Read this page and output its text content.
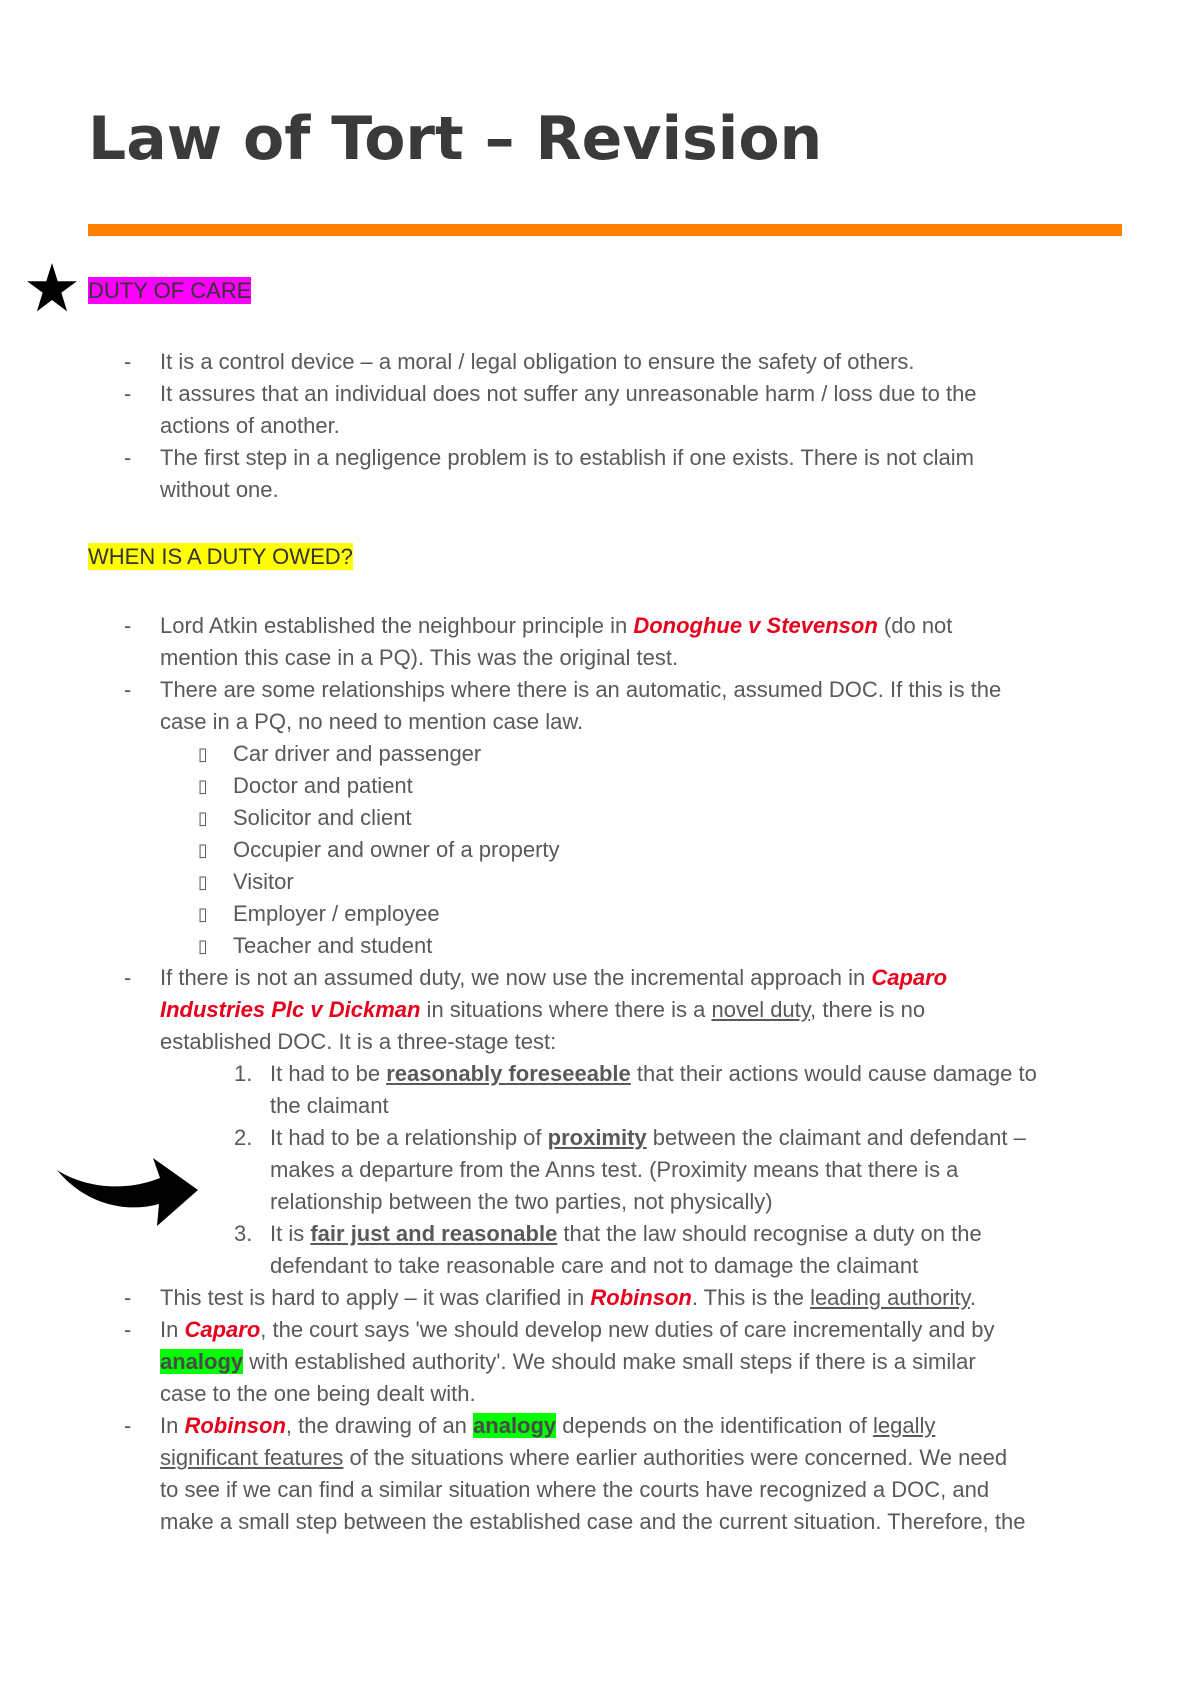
Law of Tort – Revision
DUTY OF CARE
- It is a control device – a moral / legal obligation to ensure the safety of others.
- It assures that an individual does not suffer any unreasonable harm / loss due to the
actions of another.
- The first step in a negligence problem is to establish if one exists. There is not claim
without one.
WHEN IS A DUTY OWED?
- Lord Atkin established the neighbour principle in Donoghue v Stevenson (do not
mention this case in a PQ). This was the original test.
- There are some relationships where there is an automatic, assumed DOC. If this is the
case in a PQ, no need to mention case law.
▯ Car driver and passenger
▯ Doctor and patient
▯ Solicitor and client
▯ Occupier and owner of a property
▯ Visitor
▯ Employer / employee
▯ Teacher and student
- If there is not an assumed duty, we now use the incremental approach in Caparo
Industries Plc v Dickman in situations where there is a novel duty, there is no
established DOC. It is a three-stage test:
1. It had to be reasonably foreseeable that their actions would cause damage to
the claimant
2. It had to be a relationship of proximity between the claimant and defendant –
makes a departure from the Anns test. (Proximity means that there is a
relationship between the two parties, not physically)
3. It is fair just and reasonable that the law should recognise a duty on the
defendant to take reasonable care and not to damage the claimant
- This test is hard to apply – it was clarified in Robinson. This is the leading authority.
- In Caparo, the court says 'we should develop new duties of care incrementally and by
analogy with established authority'. We should make small steps if there is a similar
case to the one being dealt with.
- In Robinson, the drawing of an analogy depends on the identification of legally
significant features of the situations where earlier authorities were concerned. We need
to see if we can find a similar situation where the courts have recognized a DOC, and
make a small step between the established case and the current situation. Therefore, the
